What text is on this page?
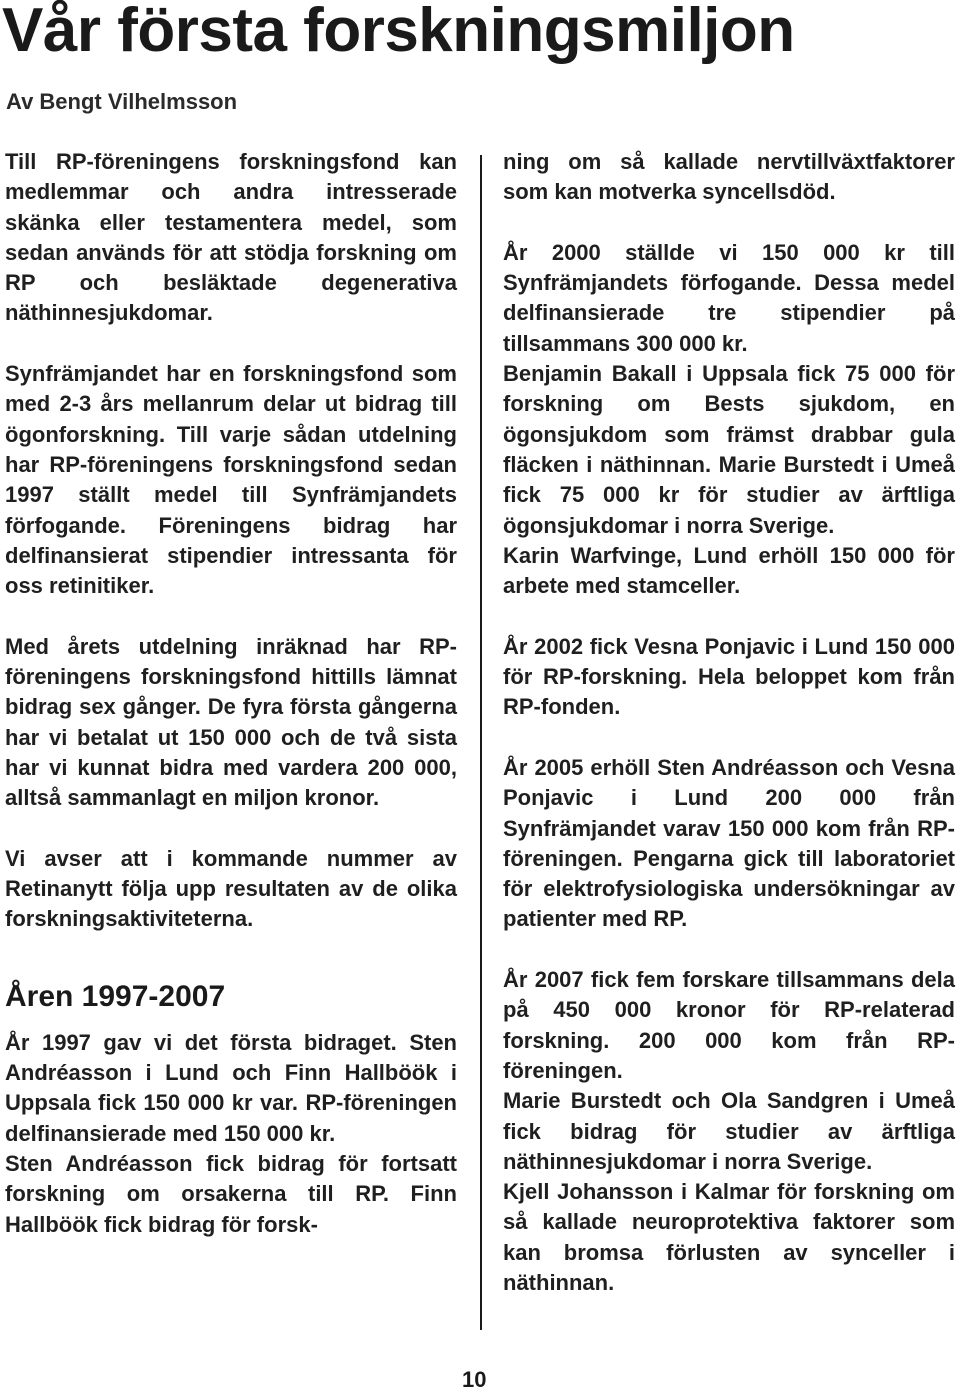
Vår första forskningsmiljon
Av Bengt Vilhelmsson

Till RP-föreningens forskningsfond kan medlemmar och andra intresserade skänka eller testamentera medel, som sedan används för att stödja forskning om RP och besläktade degenerativa näthinnesjukdomar.

Synfrämjandet har en forskningsfond som med 2-3 års mellanrum delar ut bidrag till ögonforskning. Till varje sådan utdelning har RP-föreningens forskningsfond sedan 1997 ställt medel till Synfrämjandets förfogande. Föreningens bidrag har delfinansierat stipendier intressanta för oss retinitiker.

Med årets utdelning inräknad har RP-föreningens forskningsfond hittills lämnat bidrag sex gånger. De fyra första gångerna har vi betalat ut 150 000 och de två sista har vi kunnat bidra med vardera 200 000, alltså sammanlagt en miljon kronor.

Vi avser att i kommande nummer av Retinanytt följa upp resultaten av de olika forskningsaktiviteterna.

Åren 1997-2007

År 1997 gav vi det första bidraget. Sten Andréasson i Lund och Finn Hallböök i Uppsala fick 150 000 kr var. RP-föreningen delfinansierade med 150 000 kr.

Sten Andréasson fick bidrag för fortsatt forskning om orsakerna till RP. Finn Hallböök fick bidrag för forsk-

ning om så kallade nervtillväxtfaktorer som kan motverka syncellsdöd.

År 2000 ställde vi 150 000 kr till Synfrämjandets förfogande. Dessa medel delfinansierade tre stipendier på tillsammans 300 000 kr.

Benjamin Bakall i Uppsala fick 75 000 för forskning om Bests sjukdom, en ögonsjukdom som främst drabbar gula fläcken i näthinnan. Marie Burstedt i Umeå fick 75 000 kr för studier av ärftliga ögonsjukdomar i norra Sverige.

Karin Warfvinge, Lund erhöll 150 000 för arbete med stamceller.

År 2002 fick Vesna Ponjavic i Lund 150 000 för RP-forskning. Hela beloppet kom från RP-fonden.

År 2005 erhöll Sten Andréasson och Vesna Ponjavic i Lund 200 000 från Synfrämjandet varav 150 000 kom från RP-föreningen. Pengarna gick till laboratoriet för elektrofysiologiska undersökningar av patienter med RP.

År 2007 fick fem forskare tillsammans dela på 450 000 kronor för RP-relaterad forskning. 200 000 kom från RP-föreningen.

Marie Burstedt och Ola Sandgren i Umeå fick bidrag för studier av ärftliga näthinnesjukdomar i norra Sverige.

Kjell Johansson i Kalmar för forskning om så kallade neuroprotektiva faktorer som kan bromsa förlusten av synceller i näthinnan.

10
